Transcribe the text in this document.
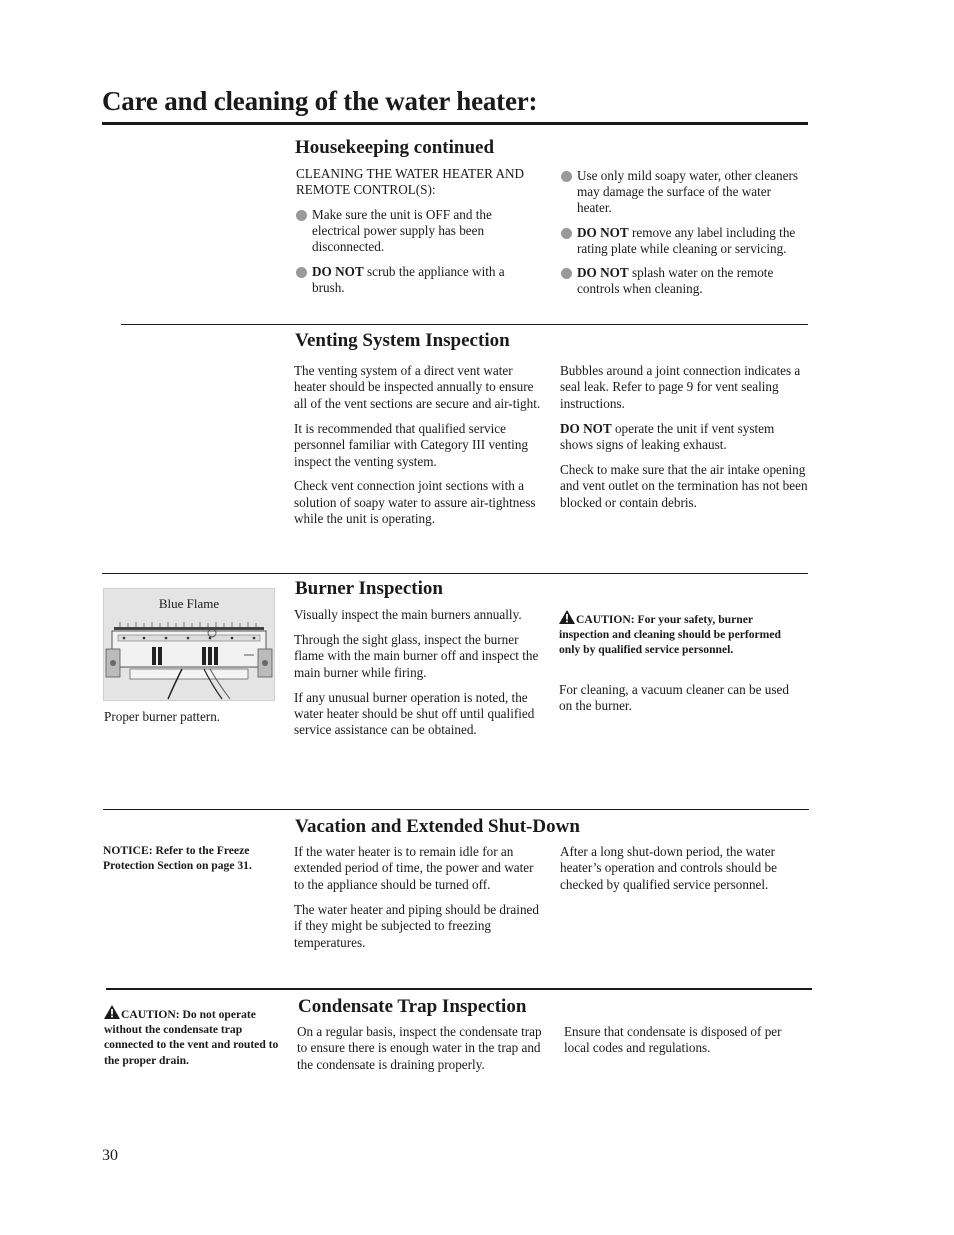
Care and cleaning of the water heater:
Housekeeping continued
CLEANING THE WATER HEATER AND REMOTE CONTROL(S):
Make sure the unit is OFF and the electrical power supply has been disconnected.
DO NOT scrub the appliance with a brush.
Use only mild soapy water, other cleaners may damage the surface of the water heater.
DO NOT remove any label including the rating plate while cleaning or servicing.
DO NOT splash water on the remote controls when cleaning.
Venting System Inspection

The venting system of a direct vent water heater should be inspected annually to ensure all of the vent sections are secure and air-tight.

It is recommended that qualified service personnel familiar with Category III venting inspect the venting system.

Check vent connection joint sections with a solution of soapy water to assure air-tightness while the unit is operating.

Bubbles around a joint connection indicates a seal leak. Refer to page 9 for vent sealing instructions.

DO NOT operate the unit if vent system shows signs of leaking exhaust.

Check to make sure that the air intake opening and vent outlet on the termination has not been blocked or contain debris.

Burner Inspection
Blue Flame
Proper burner pattern.

Visually inspect the main burners annually.

Through the sight glass, inspect the burner flame with the main burner off and inspect the main burner while firing.

If any unusual burner operation is noted, the water heater should be shut off until qualified service assistance can be obtained.

CAUTION: For your safety, burner inspection and cleaning should be performed only by qualified service personnel.
For cleaning, a vacuum cleaner can be used on the burner.
Vacation and Extended Shut-Down
NOTICE: Refer to the Freeze Protection Section on page 31.

If the water heater is to remain idle for an extended period of time, the power and water to the appliance should be turned off.

The water heater and piping should be drained if they might be subjected to freezing temperatures.

After a long shut-down period, the water heater’s operation and controls should be checked by qualified service personnel.
Condensate Trap Inspection
CAUTION: Do not operate without the condensate trap connected to the vent and routed to the proper drain.
On a regular basis, inspect the condensate trap to ensure there is enough water in the trap and the condensate is draining properly.
Ensure that condensate is disposed of per local codes and regulations.
30
